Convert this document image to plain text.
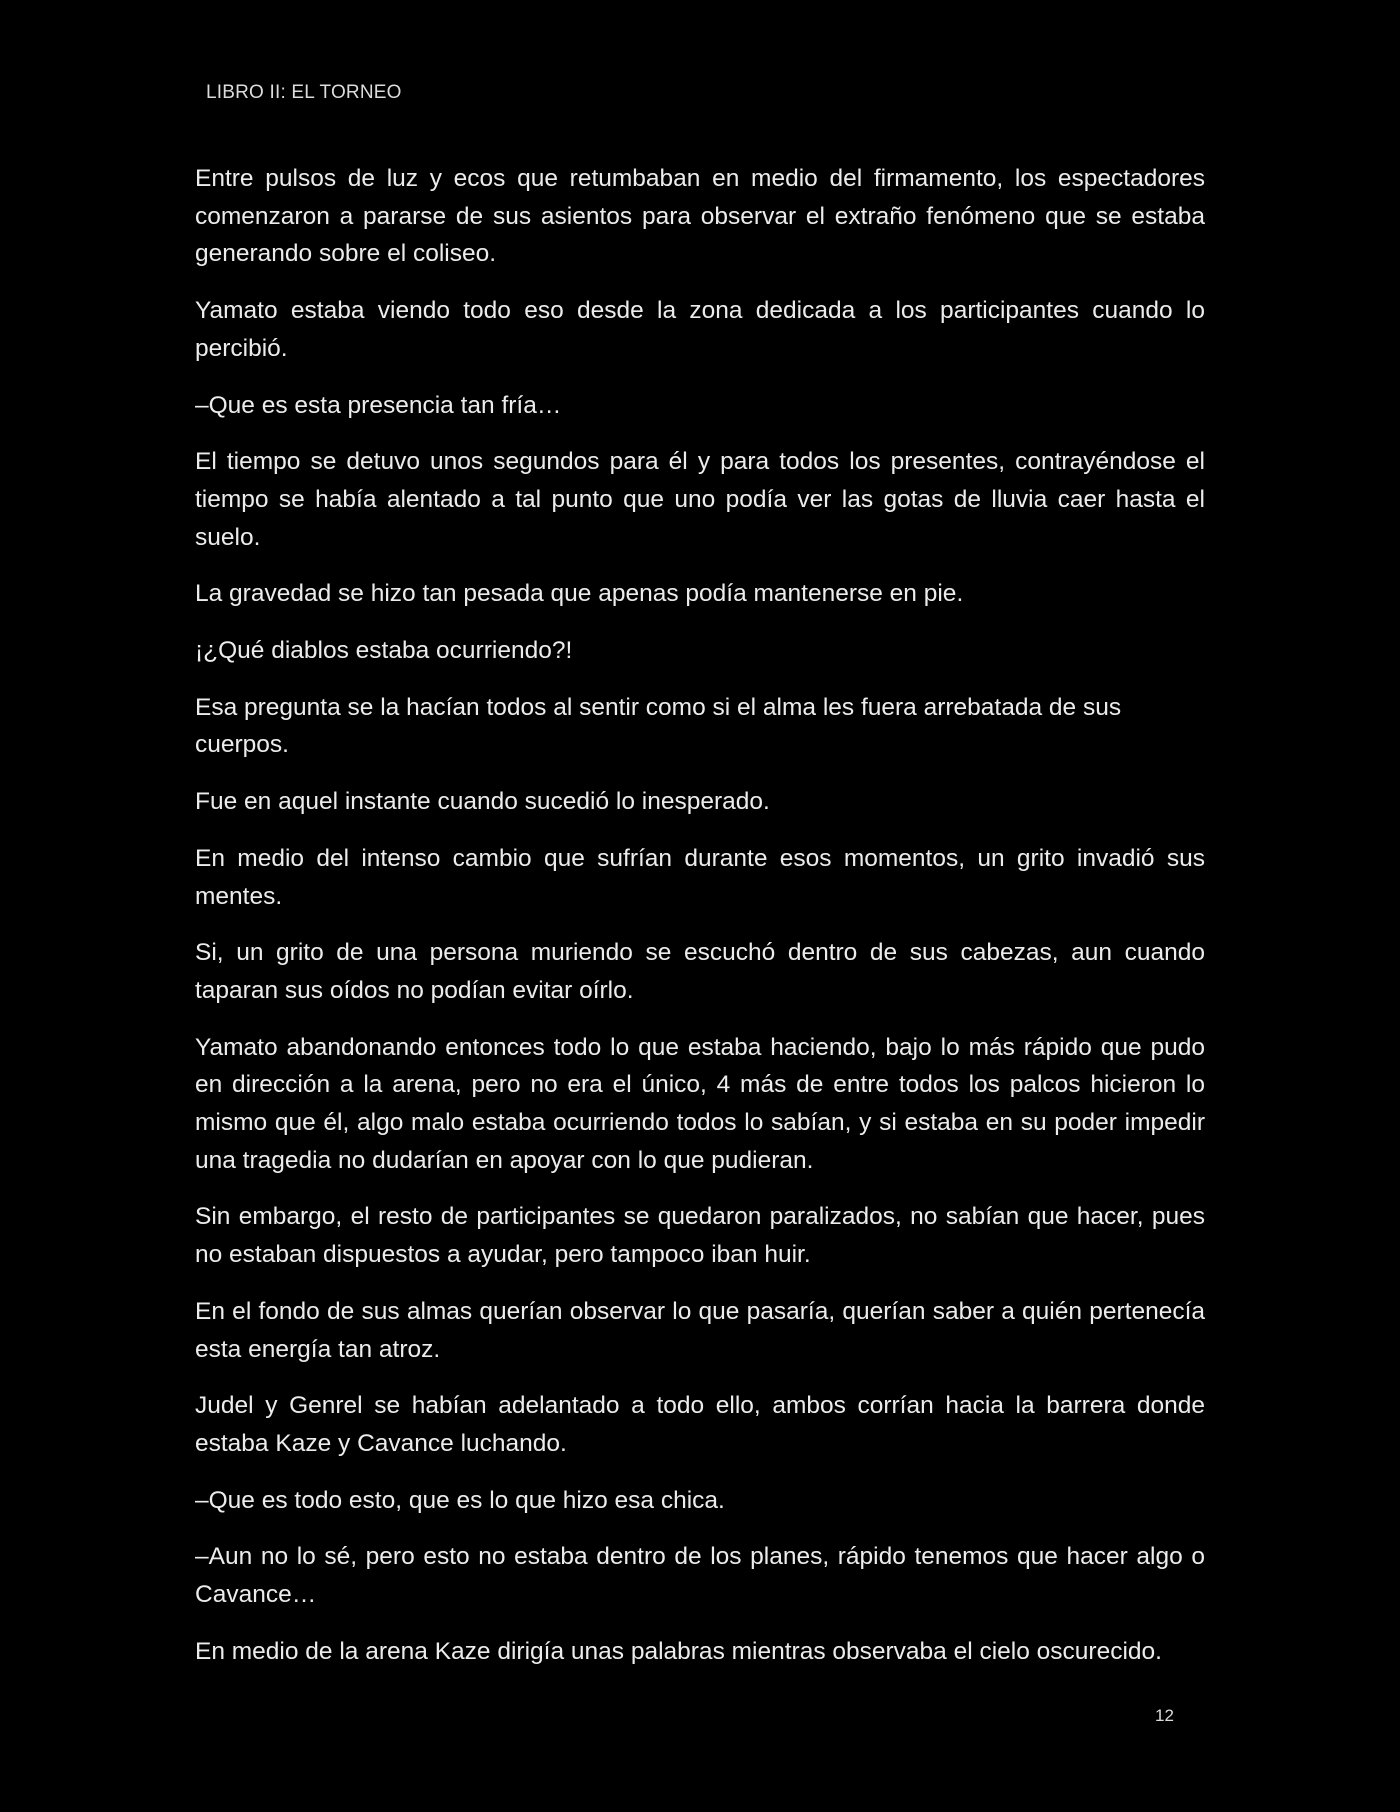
LIBRO II: EL TORNEO

Entre pulsos de luz y ecos que retumbaban en medio del firmamento, los espectadores comenzaron a pararse de sus asientos para observar el extraño fenómeno que se estaba generando sobre el coliseo.

Yamato estaba viendo todo eso desde la zona dedicada a los participantes cuando lo percibió.

–Que es esta presencia tan fría…

El tiempo se detuvo unos segundos para él y para todos los presentes, contrayéndose el tiempo se había alentado a tal punto que uno podía ver las gotas de lluvia caer hasta el suelo.

La gravedad se hizo tan pesada que apenas podía mantenerse en pie.

¡¿Qué diablos estaba ocurriendo?!

Esa pregunta se la hacían todos al sentir como si el alma les fuera arrebatada de sus cuerpos.

Fue en aquel instante cuando sucedió lo inesperado.

En medio del intenso cambio que sufrían durante esos momentos, un grito invadió sus mentes.

Si, un grito de una persona muriendo se escuchó dentro de sus cabezas, aun cuando taparan sus oídos no podían evitar oírlo.

Yamato abandonando entonces todo lo que estaba haciendo, bajo lo más rápido que pudo en dirección a la arena, pero no era el único, 4 más de entre todos los palcos hicieron lo mismo que él, algo malo estaba ocurriendo todos lo sabían, y si estaba en su poder impedir una tragedia no dudarían en apoyar con lo que pudieran.

Sin embargo, el resto de participantes se quedaron paralizados, no sabían que hacer, pues no estaban dispuestos a ayudar, pero tampoco iban huir.

En el fondo de sus almas querían observar lo que pasaría, querían saber a quién pertenecía esta energía tan atroz.

Judel y Genrel se habían adelantado a todo ello, ambos corrían hacia la barrera donde estaba Kaze y Cavance luchando.

–Que es todo esto, que es lo que hizo esa chica.

–Aun no lo sé, pero esto no estaba dentro de los planes, rápido tenemos que hacer algo o Cavance…

En medio de la arena Kaze dirigía unas palabras mientras observaba el cielo oscurecido.

12
